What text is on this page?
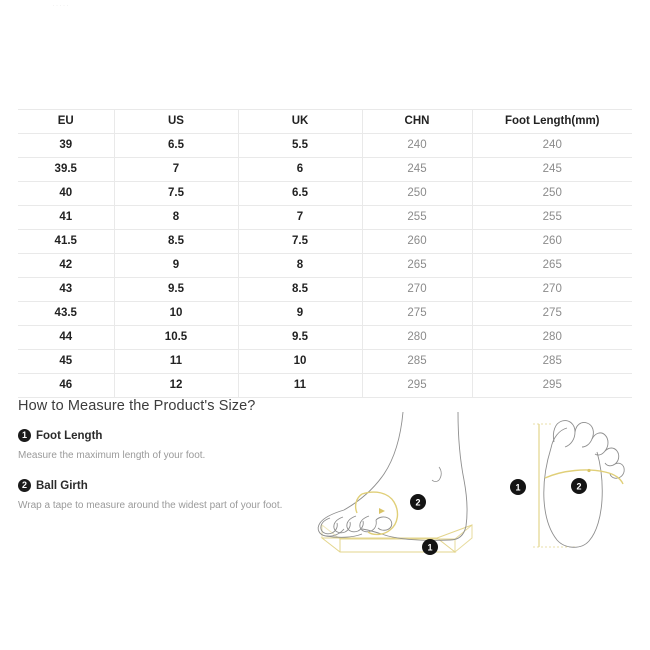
·····
EU	US	UK	CHN	Foot Length(mm)
39	6.5	5.5	240	240
39.5	7	6	245	245
40	7.5	6.5	250	250
41	8	7	255	255
41.5	8.5	7.5	260	260
42	9	8	265	265
43	9.5	8.5	270	270
43.5	10	9	275	275
44	10.5	9.5	280	280
45	11	10	285	285
46	12	11	295	295
How to Measure the Product's Size?
1 Foot Length
Measure the maximum length of your foot.
2 Ball Girth
Wrap a tape to measure around the widest part of your foot.	2
1
2
1
